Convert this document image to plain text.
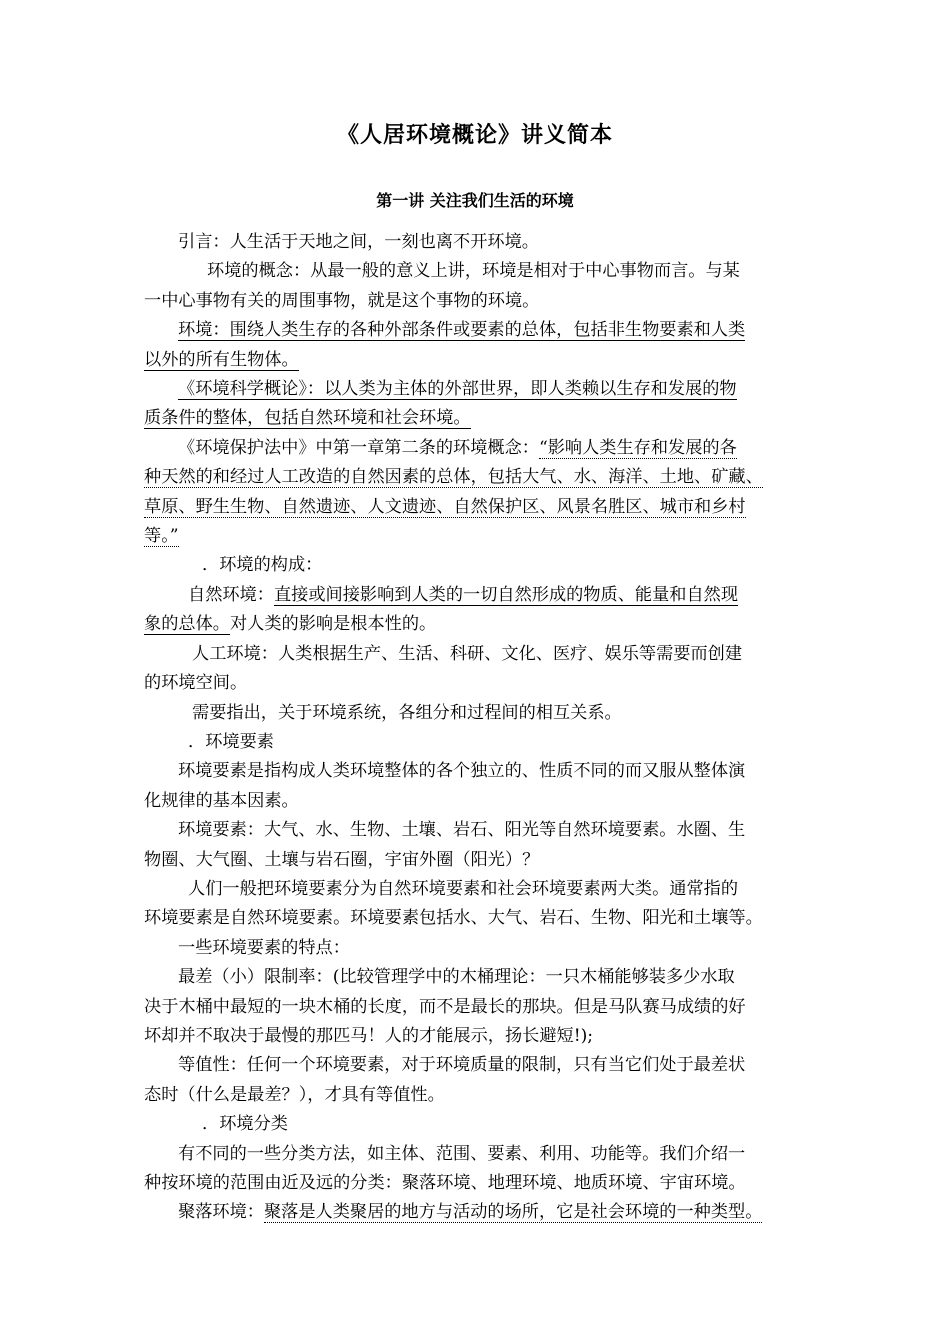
《人居环境概论》讲义简本
第一讲 关注我们生活的环境

引言：人生活于天地之间，一刻也离不开环境。

环境的概念：从最一般的意义上讲，环境是相对于中心事物而言。与某

一中心事物有关的周围事物，就是这个事物的环境。

环境：围绕人类生存的各种外部条件或要素的总体，包括非生物要素和人类

以外的所有生物体。

《环境科学概论》：以人类为主体的外部世界，即人类赖以生存和发展的物

质条件的整体，包括自然环境和社会环境。

《环境保护法中》中第一章第二条的环境概念：“影响人类生存和发展的各

种天然的和经过人工改造的自然因素的总体，包括大气、水、海洋、土地、矿藏、

草原、野生生物、自然遗迹、人文遗迹、自然保护区、风景名胜区、城市和乡村

等。”

．环境的构成：

自然环境：直接或间接影响到人类的一切自然形成的物质、能量和自然现

象的总体。对人类的影响是根本性的。

人工环境：人类根据生产、生活、科研、文化、医疗、娱乐等需要而创建

的环境空间。

需要指出，关于环境系统，各组分和过程间的相互关系。

．环境要素

环境要素是指构成人类环境整体的各个独立的、性质不同的而又服从整体演

化规律的基本因素。

环境要素：大气、水、生物、土壤、岩石、阳光等自然环境要素。水圈、生

物圈、大气圈、土壤与岩石圈，宇宙外圈（阳光）？

人们一般把环境要素分为自然环境要素和社会环境要素两大类。通常指的

环境要素是自然环境要素。环境要素包括水、大气、岩石、生物、阳光和土壤等。

一些环境要素的特点：

最差（小）限制率：(比较管理学中的木桶理论：一只木桶能够装多少水取

决于木桶中最短的一块木桶的长度，而不是最长的那块。但是马队赛马成绩的好

坏却并不取决于最慢的那匹马！人的才能展示，扬长避短!);

等值性：任何一个环境要素，对于环境质量的限制，只有当它们处于最差状

态时（什么是最差？），才具有等值性。

．环境分类

有不同的一些分类方法，如主体、范围、要素、利用、功能等。我们介绍一

种按环境的范围由近及远的分类：聚落环境、地理环境、地质环境、宇宙环境。

聚落环境：聚落是人类聚居的地方与活动的场所，它是社会环境的一种类型。
